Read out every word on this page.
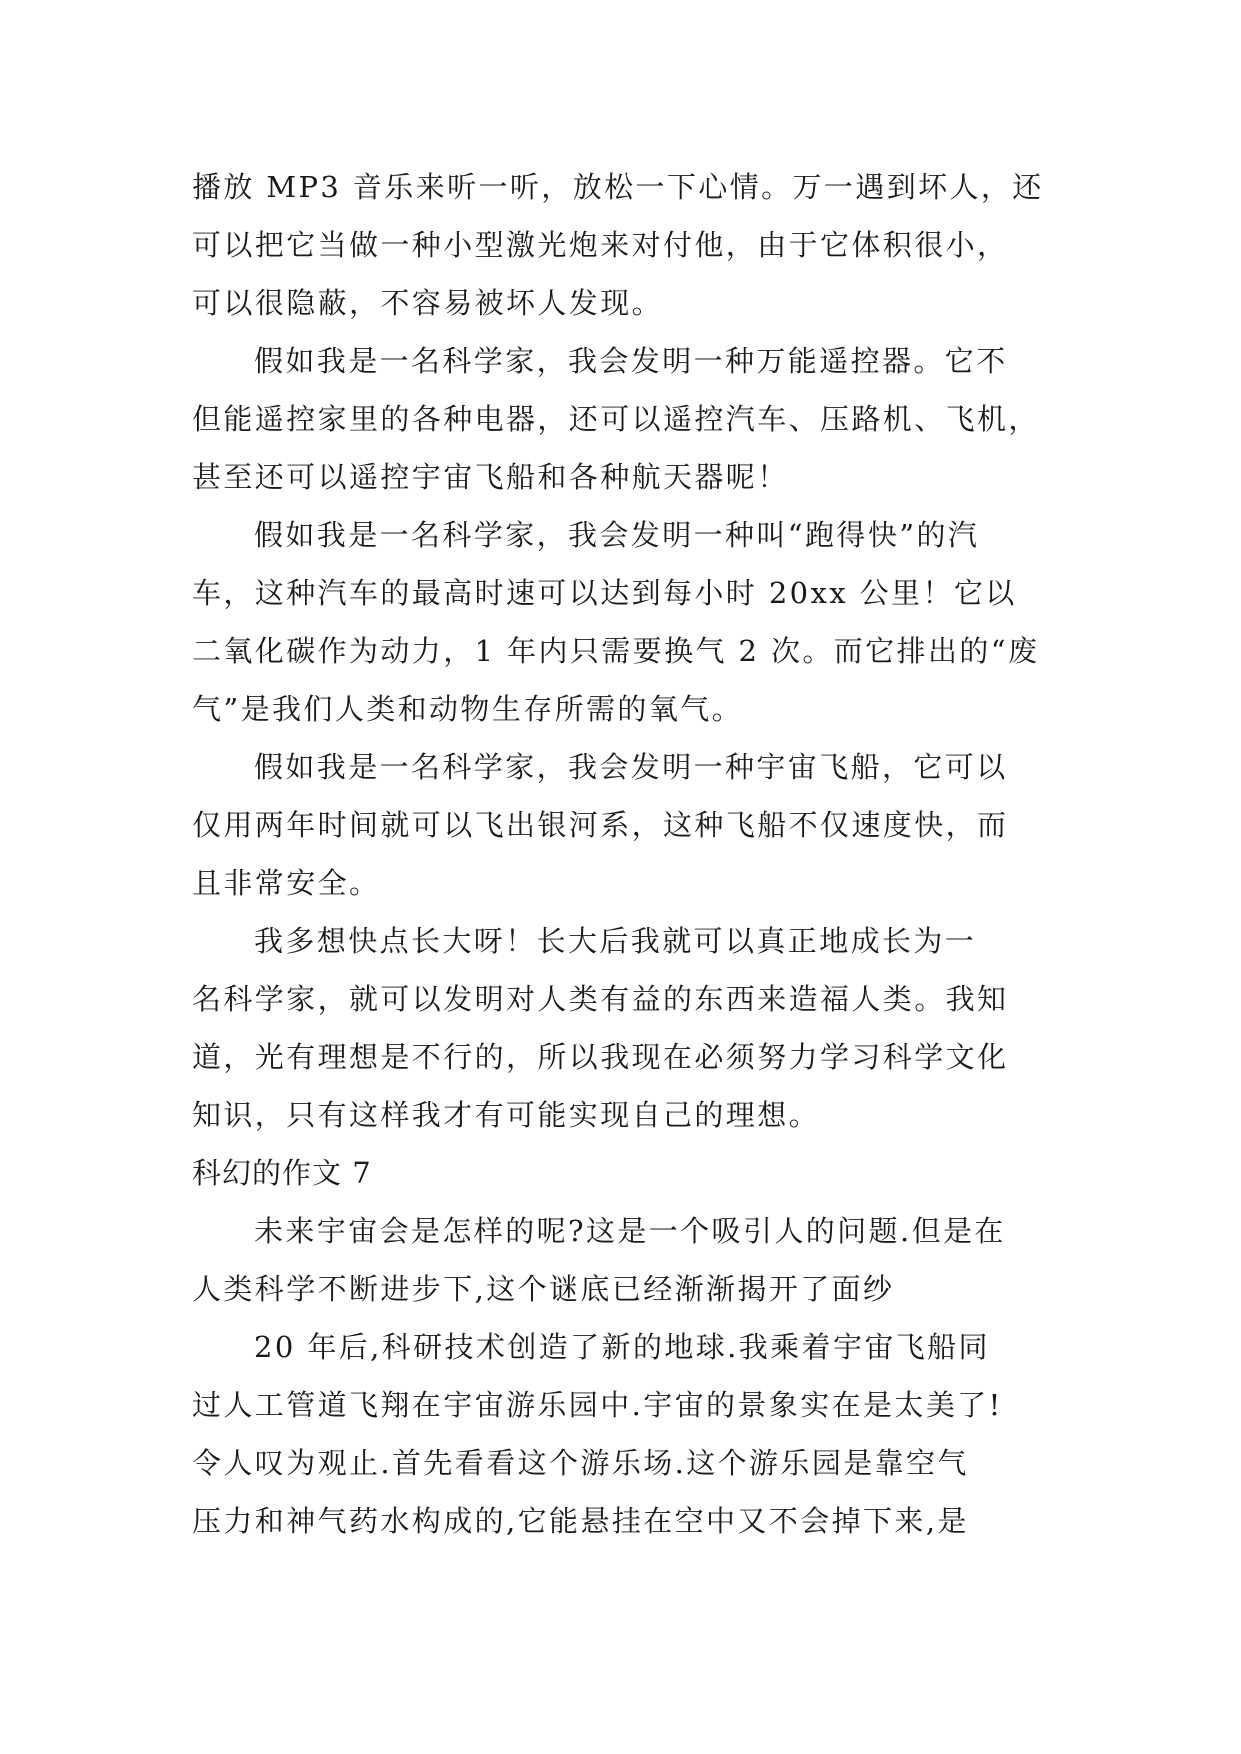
播放 MP3 音乐来听一听，放松一下心情。万一遇到坏人，还
可以把它当做一种小型激光炮来对付他，由于它体积很小，
可以很隐蔽，不容易被坏人发现。
假如我是一名科学家，我会发明一种万能遥控器。它不
但能遥控家里的各种电器，还可以遥控汽车、压路机、飞机，
甚至还可以遥控宇宙飞船和各种航天器呢！
假如我是一名科学家，我会发明一种叫“跑得快”的汽
车，这种汽车的最高时速可以达到每小时 20xx 公里！它以
二氧化碳作为动力，1 年内只需要换气 2 次。而它排出的“废
气”是我们人类和动物生存所需的氧气。
假如我是一名科学家，我会发明一种宇宙飞船，它可以
仅用两年时间就可以飞出银河系，这种飞船不仅速度快，而
且非常安全。
我多想快点长大呀！长大后我就可以真正地成长为一
名科学家，就可以发明对人类有益的东西来造福人类。我知
道，光有理想是不行的，所以我现在必须努力学习科学文化
知识，只有这样我才有可能实现自己的理想。
科幻的作文 7
未来宇宙会是怎样的呢?这是一个吸引人的问题.但是在
人类科学不断进步下,这个谜底已经渐渐揭开了面纱
20 年后,科研技术创造了新的地球.我乘着宇宙飞船同
过人工管道飞翔在宇宙游乐园中.宇宙的景象实在是太美了!
令人叹为观止.首先看看这个游乐场.这个游乐园是靠空气
压力和神气药水构成的,它能悬挂在空中又不会掉下来,是
